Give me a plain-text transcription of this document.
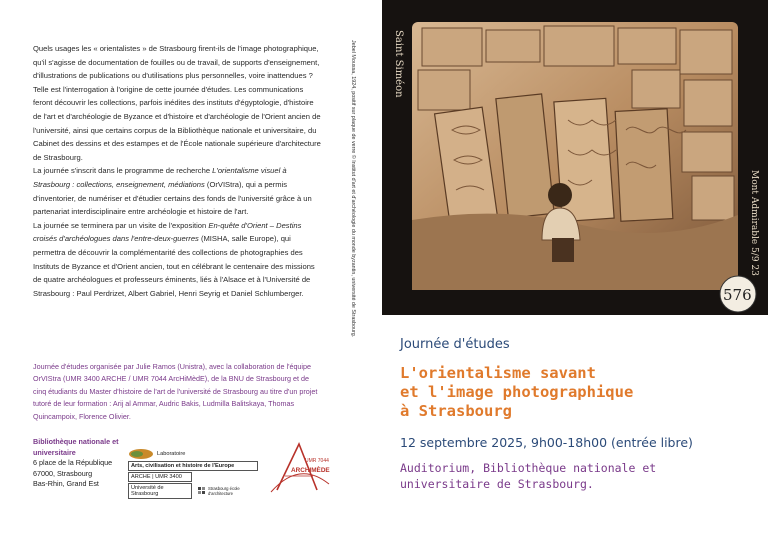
Quels usages les « orientalistes » de Strasbourg firent-ils de l'image photographique, qu'il s'agisse de documentation de fouilles ou de travail, de supports d'enseignement, d'illustrations de publications ou d'utilisations plus personnelles, voire inattendues ? Telle est l'interrogation à l'origine de cette journée d'études. Les communications feront découvrir les collections, parfois inédites des instituts d'égyptologie, d'histoire de l'art et d'archéologie de Byzance et d'histoire et d'archéologie de l'Orient ancien de l'université, ainsi que certains corpus de la Bibliothèque nationale et universitaire, du Cabinet des dessins et des estampes et de l'École nationale supérieure d'architecture de Strasbourg.

La journée s'inscrit dans le programme de recherche L'orientalisme visuel à Strasbourg : collections, enseignement, médiations (OrVIStra), qui a permis d'inventorier, de numériser et d'étudier certains des fonds de l'université grâce à un partenariat interdisciplinaire entre archéologie et histoire de l'art.

La journée se terminera par un visite de l'exposition En-quête d'Orient – Destins croisés d'archéologues dans l'entre-deux-guerres (MISHA, salle Europe), qui permettra de découvrir la complémentarité des collections de photographies des Instituts de Byzance et d'Orient ancien, tout en célébrant le centenaire des missions de quatre archéologues et professeurs éminents, liés à l'Alsace et à l'Université de Strasbourg : Paul Perdrizet, Albert Gabriel, Henri Seyrig et Daniel Schlumberger.

Journée d'études organisée par Julie Ramos (Unistra), avec la collaboration de l'équipe OrVIStra (UMR 3400 ARCHE / UMR 7044 ArcHiMèdE), de la BNU de Strasbourg et de cinq étudiants du Master d'histoire de l'art de l'université de Strasbourg au titre d'un projet tutoré de leur formation : Arij al Ammar, Audric Bakis, Ludmilla Balitskaya, Thomas Quincampoix, Florence Olivier.

Bibliothèque nationale et universitaire
6 place de la République
67000, Strasbourg
Bas-Rhin, Grand Est
Laboratoire
Arts, civilisation et histoire de l'Europe
ARCHE | UMR 3400
Université de Strasbourg
Strasbourg école d'architecture
UMR 7044
ARCHIMÈDE
Jebel Moussa, 1924, positif sur plaque de verre © Institut d'art et d'archéologie du monde byzantin, université de Strasbourg.	Saint Siméon
Mont Admirable 5/9 23
576

Journée d'études

L'orientalisme savant

et l'image photographique

à Strasbourg

12 septembre 2025, 9h00-18h00 (entrée libre)

Auditorium, Bibliothèque nationale et

universitaire de Strasbourg.
